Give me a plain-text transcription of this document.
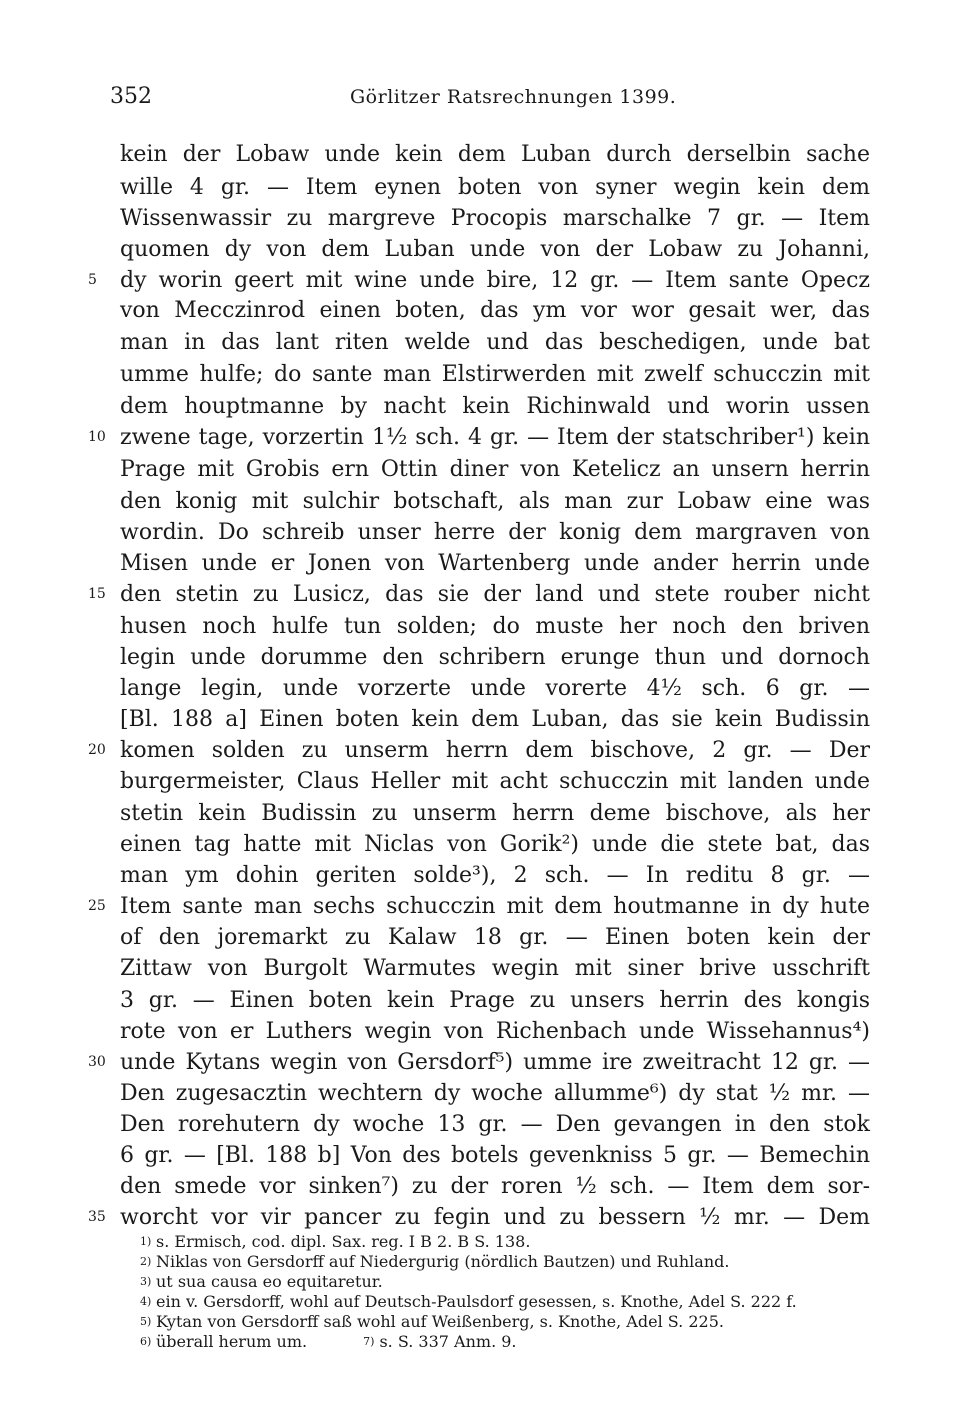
352	Görlitzer Ratsrechnungen 1399.
kein der Lobaw unde kein dem Luban durch derselbin sache
wille 4 gr. — Item eynen boten von syner wegin kein dem
Wissenwassir zu margreve Procopis marschalke 7 gr. — Item
quomen dy von dem Luban unde von der Lobaw zu Johanni,
dy worin geert mit wine unde bire, 12 gr. — Item sante Opecz
von Mecczinrod einen boten, das ym vor wor gesait wer, das
man in das lant riten welde und das beschedigen, unde bat
umme hulfe; do sante man Elstirwerden mit zwelf schucczin mit
dem houptmanne by nacht kein Richinwald und worin ussen
zwene tage, vorzertin 1½ sch. 4 gr. — Item der statschriber¹) kein
Prage mit Grobis ern Ottin diner von Ketelicz an unsern herrin
den konig mit sulchir botschaft, als man zur Lobaw eine was
wordin. Do schreib unser herre der konig dem margraven von
Misen unde er Jonen von Wartenberg unde ander herrin unde
den stetin zu Lusicz, das sie der land und stete rouber nicht
husen noch hulfe tun solden; do muste her noch den briven
legin unde dorumme den schribern erunge thun und dornoch
lange legin, unde vorzerte unde vorerte 4½ sch. 6 gr. —
[Bl. 188 a] Einen boten kein dem Luban, das sie kein Budissin
komen solden zu unserm herrn dem bischove, 2 gr. — Der
burgermeister, Claus Heller mit acht schucczin mit landen unde
stetin kein Budissin zu unserm herrn deme bischove, als her
einen tag hatte mit Niclas von Gorik²) unde die stete bat, das
man ym dohin geriten solde³), 2 sch. — In reditu 8 gr. —
Item sante man sechs schucczin mit dem houtmanne in dy hute
of den joremarkt zu Kalaw 18 gr. — Einen boten kein der
Zittaw von Burgolt Warmutes wegin mit siner brive usschrift
3 gr. — Einen boten kein Prage zu unsers herrin des kongis
rote von er Luthers wegin von Richenbach unde Wissehannus⁴)
unde Kytans wegin von Gersdorf⁵) umme ire zweitracht 12 gr. —
Den zugesacztin wechtern dy woche allumme⁶) dy stat ½ mr. —
Den rorehutern dy woche 13 gr. — Den gevangen in den stok
6 gr. — [Bl. 188 b] Von des botels gevenkniss 5 gr. — Bemechin
den smede vor sinken⁷) zu der roren ½ sch. — Item dem sor-
worcht vor vir pancer zu fegin und zu bessern ½ mr. — Dem
5
10
15
20
25
30
35
1) s. Ermisch, cod. dipl. Sax. reg. I B 2. B S. 138.
2) Niklas von Gersdorff auf Niedergurig (nördlich Bautzen) und Ruhland.
3) ut sua causa eo equitaretur.
4) ein v. Gersdorff, wohl auf Deutsch-Paulsdorf gesessen, s. Knothe, Adel S. 222 f.
5) Kytan von Gersdorff saß wohl auf Weißenberg, s. Knothe, Adel S. 225.
6) überall herum um.	$^{7)}$ s. S. 337 Anm. 9.
